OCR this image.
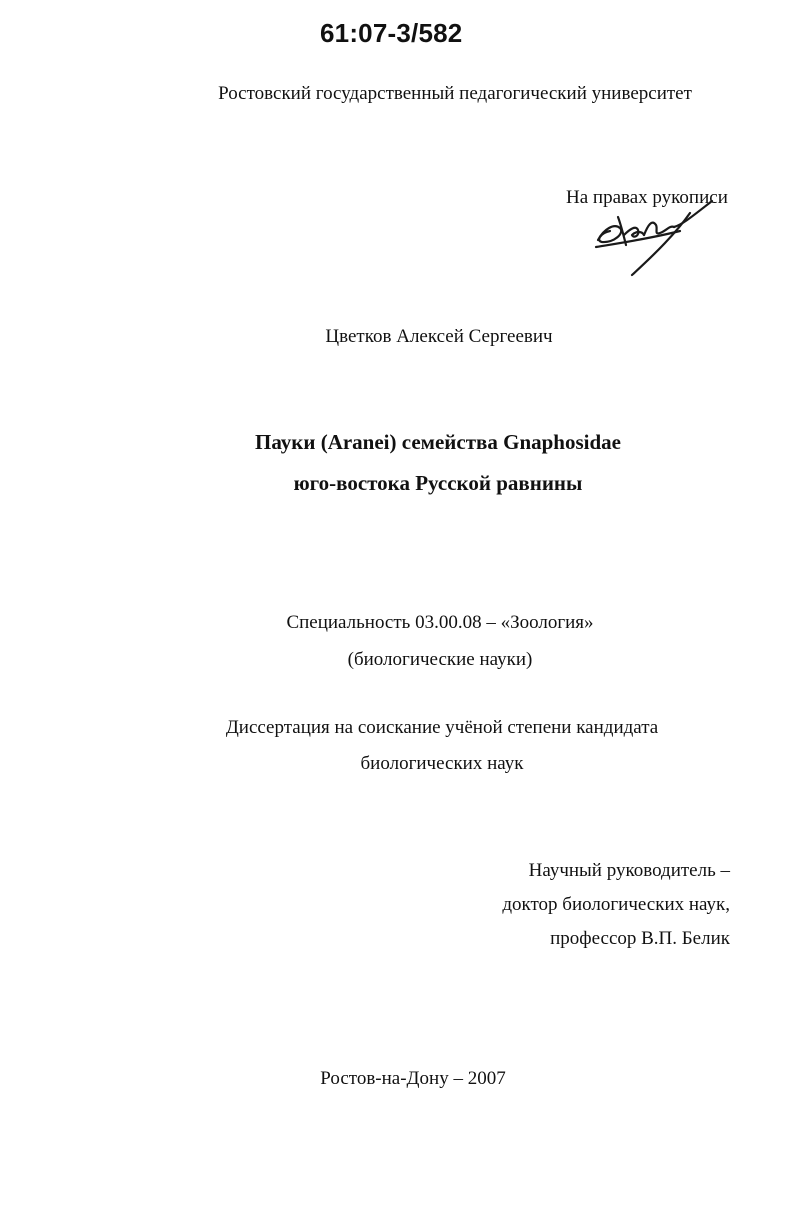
61:07-3/582
Ростовский государственный педагогический университет
На правах рукописи
Цветков Алексей Сергеевич
Пауки (Aranei) семейства Gnaphosidae
юго-востока Русской равнины
Специальность 03.00.08 – «Зоология»
(биологические науки)
Диссертация на соискание учёной степени кандидата
биологических наук
Научный руководитель –
доктор биологических наук,
профессор В.П. Белик
Ростов-на-Дону – 2007
